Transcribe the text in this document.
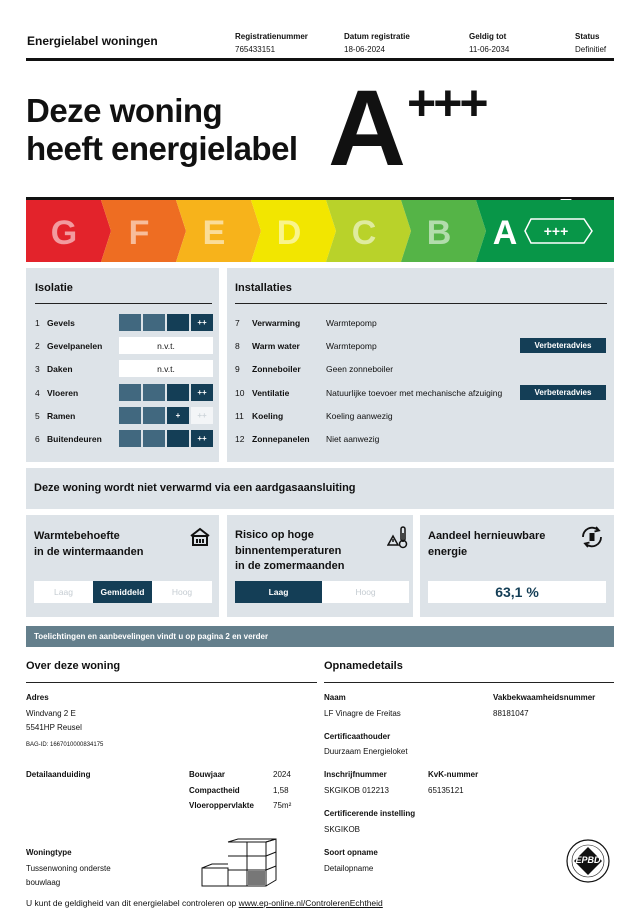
Energielabel woningen	Registratienummer
765433151
Datum registratie
18-06-2024
Geldig tot
11-06-2034
Status
Definitief
Deze woning
heeft energielabel A +++
G F E D C B A +++
Isolatie
1 Gevels	++
2 Gevelpanelen	n.v.t.
3 Daken	n.v.t.
4 Vloeren	++
5 Ramen	+	++
6 Buitendeuren	++
Installaties
7 Verwarming	Warmtepomp
8 Warm water	Warmtepomp	Verbeteradvies
9 Zonneboiler	Geen zonneboiler
10 Ventilatie	Natuurlijke toevoer met mechanische afzuiging	Verbeteradvies
11 Koeling	Koeling aanwezig
12 Zonnepanelen Niet aanwezig
Deze woning wordt niet verwarmd via een aardgasaansluiting
Warmtebehoefte
in de wintermaanden
Laag	Gemiddeld	Hoog
Risico op hoge
binnentemperaturen
in de zomermaanden
Laag	Hoog
Aandeel hernieuwbare
energie
63,1 %
Toelichtingen en aanbevelingen vindt u op pagina 2 en verder
Over deze woning
Adres
Windvang 2 E
5541HP Reusel
BAG-ID: 1667010000834175
Detailaanduiding	Bouwjaar	2024
Compactheid	1,58
Vloeroppervlakte 75m²
Woningtype
Tussenwoning onderste
bouwlaag
Opnamedetails
Naam
LF Vinagre de Freitas
Vakbekwaamheidsnummer
88181047
Certificaathouder
Duurzaam Energieloket
Inschrijfnummer
SKGIKOB 012213
KvK-nummer
65135121
Certificerende instelling
SKGIKOB
Soort opname
Detailopname
EPBD
U kunt de geldigheid van dit energielabel controleren op www.ep-online.nl/ControlerenEchtheid
